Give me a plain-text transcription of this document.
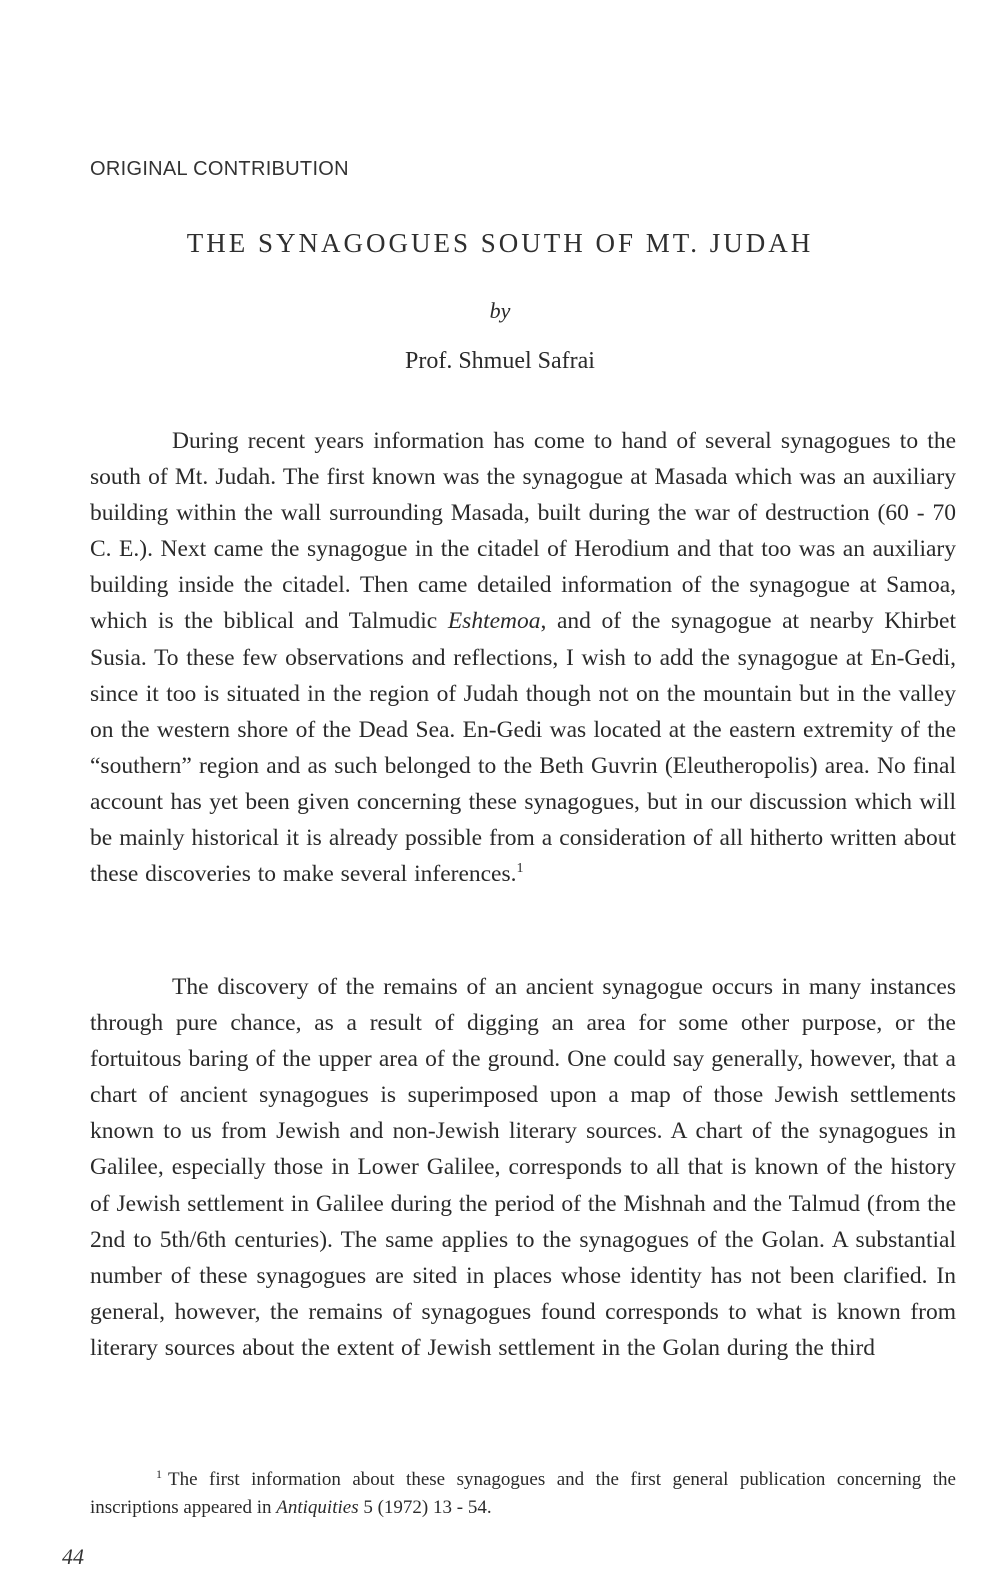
ORIGINAL CONTRIBUTION
THE SYNAGOGUES SOUTH OF MT. JUDAH
by
Prof. Shmuel Safrai

During recent years information has come to hand of several synagogues to the south of Mt. Judah. The first known was the synagogue at Masada which was an auxiliary building within the wall surrounding Masada, built during the war of destruction (60 - 70 C. E.). Next came the synagogue in the citadel of Herodium and that too was an auxiliary building inside the citadel. Then came detailed information of the synagogue at Samoa, which is the biblical and Talmudic Eshtemoa, and of the synagogue at nearby Khirbet Susia. To these few observations and reflections, I wish to add the synagogue at En-Gedi, since it too is situated in the region of Judah though not on the mountain but in the valley on the western shore of the Dead Sea. En-Gedi was located at the eastern extremity of the “southern” region and as such belonged to the Beth Guvrin (Eleutheropolis) area. No final account has yet been given concerning these synagogues, but in our discussion which will be mainly historical it is already possible from a consideration of all hitherto written about these discoveries to make several inferences.$^1$

The discovery of the remains of an ancient synagogue occurs in many instances through pure chance, as a result of digging an area for some other purpose, or the fortuitous baring of the upper area of the ground. One could say generally, however, that a chart of ancient synagogues is superimposed upon a map of those Jewish settlements known to us from Jewish and non-Jewish literary sources. A chart of the synagogues in Galilee, especially those in Lower Galilee, corresponds to all that is known of the history of Jewish settlement in Galilee during the period of the Mishnah and the Talmud (from the 2nd to 5th/6th centuries). The same applies to the synagogues of the Golan. A substantial number of these synagogues are sited in places whose identity has not been clarified. In general, however, the remains of synagogues found corresponds to what is known from literary sources about the extent of Jewish settlement in the Golan during the third

$^1$ The first information about these synagogues and the first general publication concerning the inscriptions appeared in Antiquities 5 (1972) 13 - 54.

44
